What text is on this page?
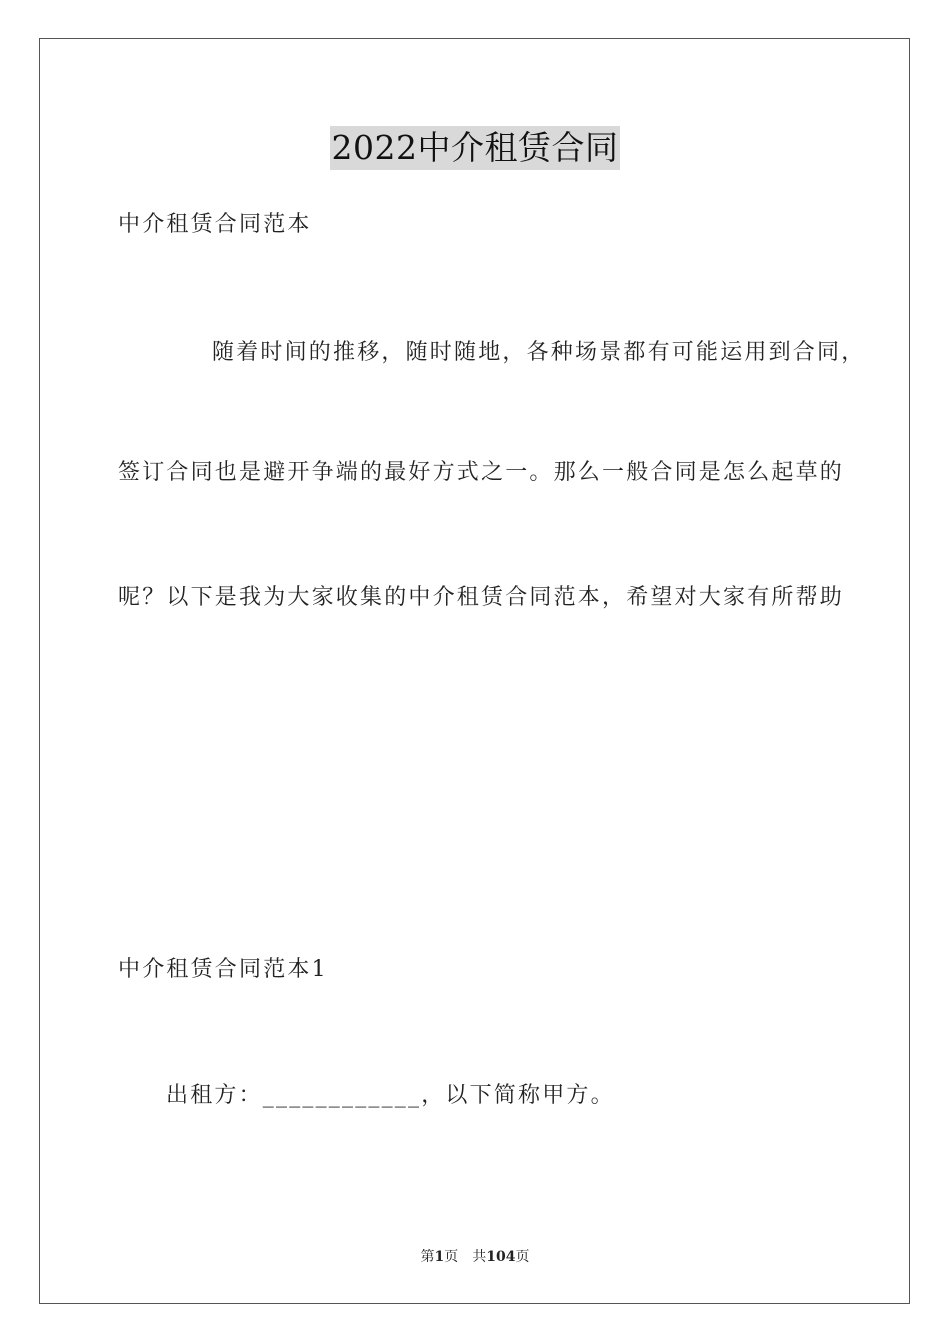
2022中介租赁合同
中介租赁合同范本
随着时间的推移，随时随地，各种场景都有可能运用到合同，
签订合同也是避开争端的最好方式之一。那么一般合同是怎么起草的
呢？以下是我为大家收集的中介租赁合同范本，希望对大家有所帮助
中介租赁合同范本1
出租方：____________，以下简称甲方。
第1页 共104页
